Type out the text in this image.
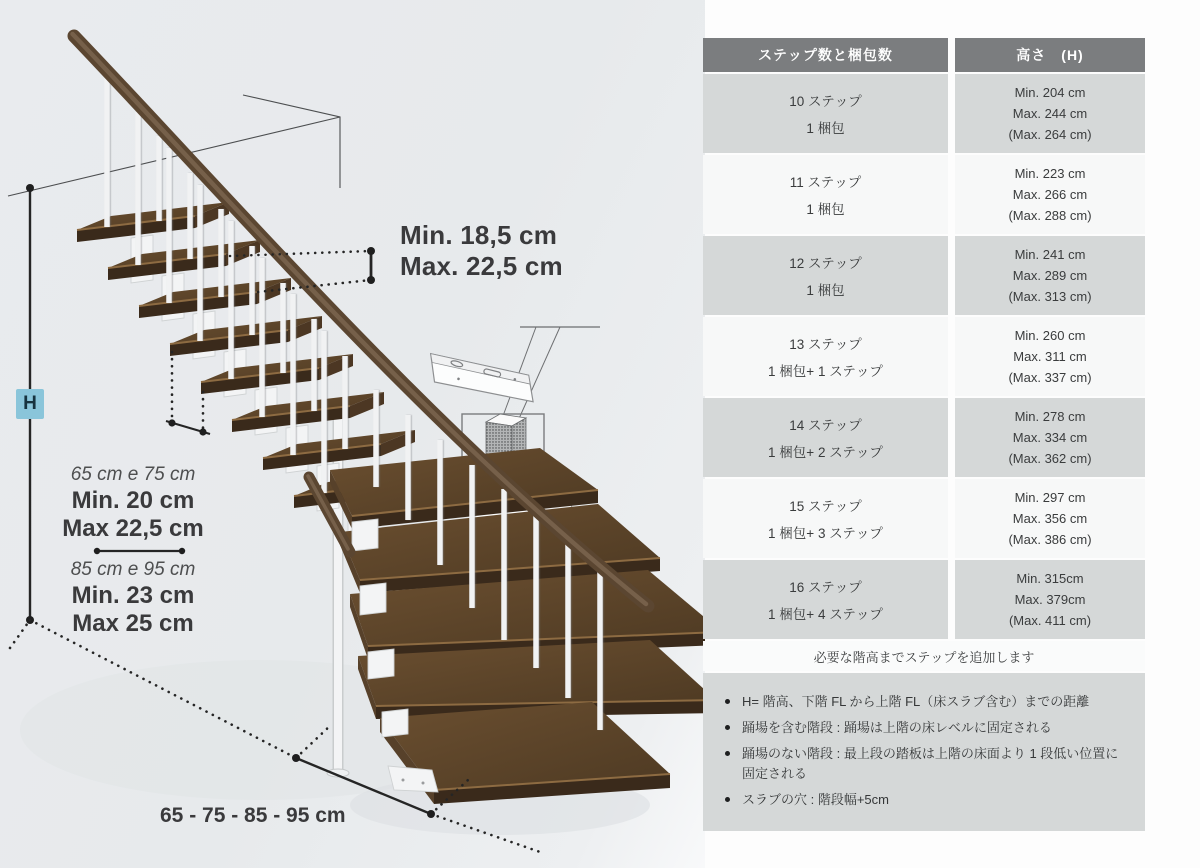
Min. 18,5 cm
Max. 22,5 cm
H
65 cm e 75 cm
Min. 20 cm
Max 22,5 cm
85 cm e 95 cm
Min. 23 cm
Max 25 cm
65 - 75 - 85 - 95 cm
ステップ数と梱包数	高さ　(H)
10 ステップ
1 梱包
Min. 204 cm
Max. 244 cm
(Max. 264 cm)
11 ステップ
1 梱包
Min. 223 cm
Max. 266 cm
(Max. 288 cm)
12 ステップ
1 梱包
Min. 241 cm
Max. 289 cm
(Max. 313 cm)
13 ステップ
1 梱包+ 1 ステップ
Min. 260 cm
Max. 311 cm
(Max. 337 cm)
14 ステップ
1 梱包+ 2 ステップ
Min. 278 cm
Max. 334 cm
(Max. 362 cm)
15 ステップ
1 梱包+ 3 ステップ
Min. 297 cm
Max. 356 cm
(Max. 386 cm)
16 ステップ
1 梱包+ 4 ステップ
Min. 315cm
Max. 379cm
(Max. 411 cm)
必要な階高までステップを追加します
H= 階高、下階 FL から上階 FL（床スラブ含む）までの距離
踊場を含む階段 : 踊場は上階の床レベルに固定される
踊場のない階段 : 最上段の踏板は上階の床面より 1 段低い位置に固定される
スラブの穴 : 階段幅+5cm
